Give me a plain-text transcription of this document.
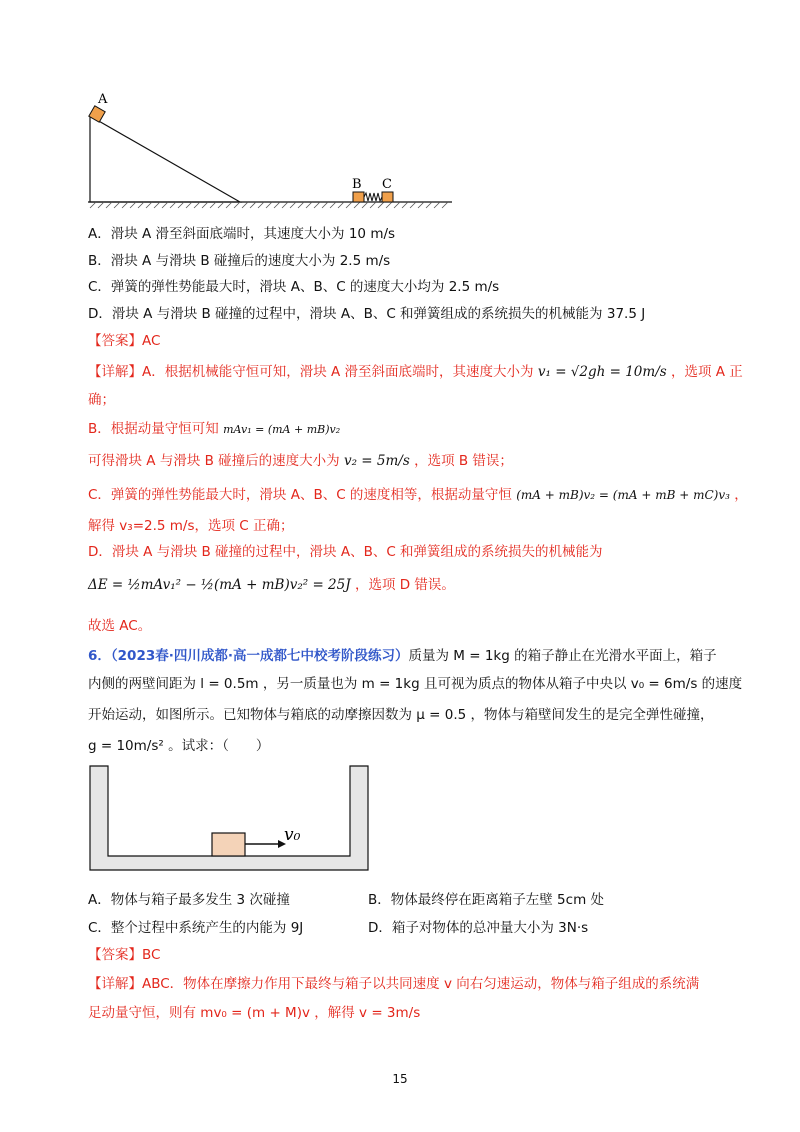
A
B C
A．滑块 A 滑至斜面底端时，其速度大小为 10 m/s
B．滑块 A 与滑块 B 碰撞后的速度大小为 2.5 m/s
C．弹簧的弹性势能最大时，滑块 A、B、C 的速度大小均为 2.5 m/s
D．滑块 A 与滑块 B 碰撞的过程中，滑块 A、B、C 和弹簧组成的系统损失的机械能为 37.5 J
【答案】AC
【详解】A．根据机械能守恒可知，滑块 A 滑至斜面底端时，其速度大小为 v₁ = √2gh = 10m/s ，选项 A 正
确；
B．根据动量守恒可知 mAv₁ = (mA + mB)v₂
可得滑块 A 与滑块 B 碰撞后的速度大小为 v₂ = 5m/s ，选项 B 错误；
C．弹簧的弹性势能最大时，滑块 A、B、C 的速度相等，根据动量守恒 (mA + mB)v₂ = (mA + mB + mC)v₃ ，
解得 v₃=2.5 m/s，选项 C 正确；
D．滑块 A 与滑块 B 碰撞的过程中，滑块 A、B、C 和弹簧组成的系统损失的机械能为
ΔE = ½mAv₁² − ½(mA + mB)v₂² = 25J ，选项 D 错误。
故选 AC。
6．（2023春·四川成都·高一成都七中校考阶段练习）质量为 M = 1kg 的箱子静止在光滑水平面上，箱子
内侧的两壁间距为 l = 0.5m ，另一质量也为 m = 1kg 且可视为质点的物体从箱子中央以 v₀ = 6m/s 的速度
开始运动，如图所示。已知物体与箱底的动摩擦因数为 μ = 0.5 ，物体与箱壁间发生的是完全弹性碰撞，
g = 10m/s² 。试求：（　　）
v₀
A．物体与箱子最多发生 3 次碰撞	B．物体最终停在距离箱子左壁 5cm 处
C．整个过程中系统产生的内能为 9J	D．箱子对物体的总冲量大小为 3N·s
【答案】BC
【详解】ABC．物体在摩擦力作用下最终与箱子以共同速度 v 向右匀速运动，物体与箱子组成的系统满
足动量守恒，则有 mv₀ = (m + M)v ，解得 v = 3m/s
15
